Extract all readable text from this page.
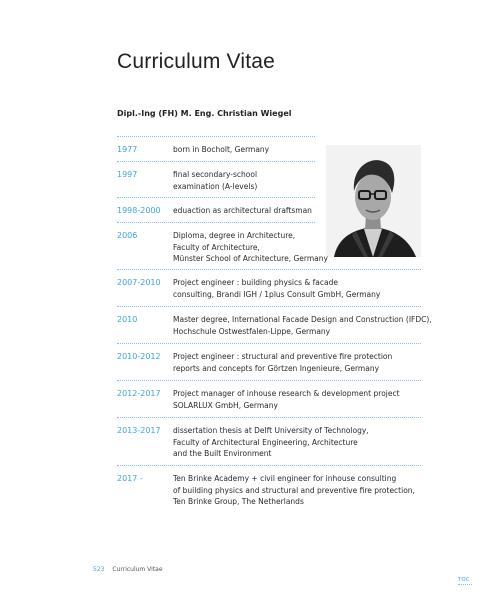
Curriculum Vitae

Dipl.-Ing (FH) M. Eng. Christian Wiegel

1977	born in Bocholt, Germany
1997	final secondary-school
examination (A-levels)
1998-2000 eduaction as architectural draftsman
2006	Diploma, degree in Architecture,
Faculty of Architecture,
Münster School of Architecture, Germany
2007-2010 Project engineer : building physics & facade
consulting, Brandi IGH / 1plus Consult GmbH, Germany
2010	Master degree, International Facade Design and Construction (IFDC),
Hochschule Ostwestfalen-Lippe, Germany
2010-2012 Project engineer : structural and preventive fire protection
reports and concepts for Görtzen Ingenieure, Germany
2012-2017 Project manager of inhouse research & development project
SOLARLUX GmbH, Germany
2013-2017 dissertation thesis at Delft University of Technology,
Faculty of Architectural Engineering, Architecture
and the Built Environment
2017 -	Ten Brinke Academy + civil engineer for inhouse consulting
of building physics and structural and preventive fire protection,
Ten Brinke Group, The Netherlands
523 Curriculum Vitae
TOC
